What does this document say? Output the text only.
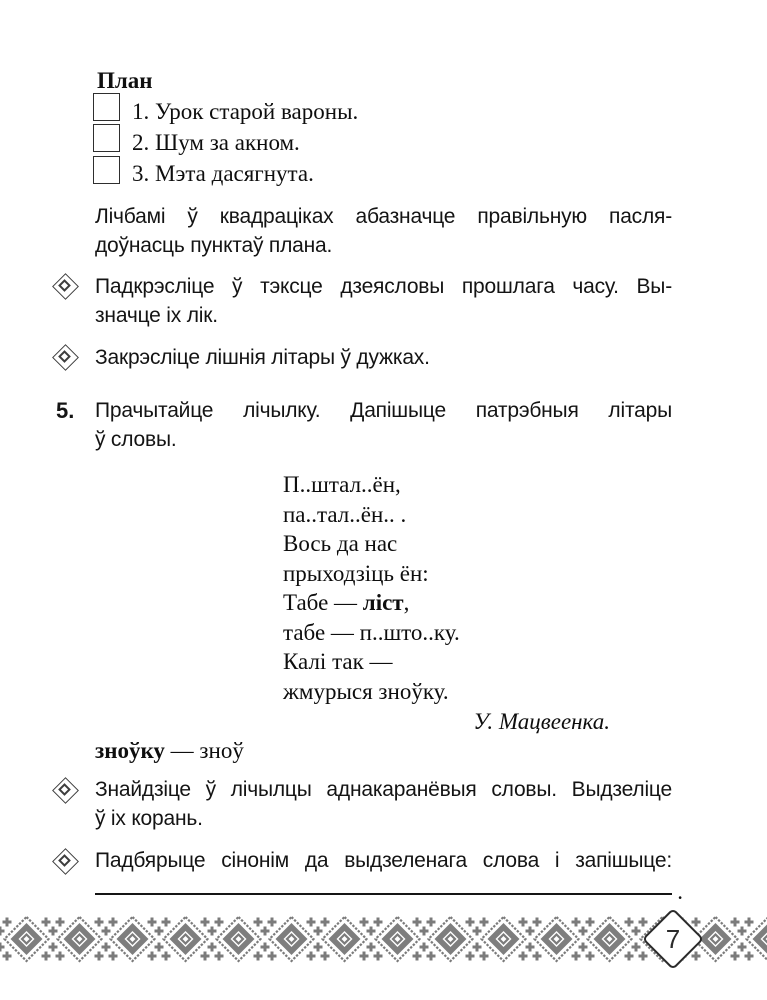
План
1. Урок старой вароны.
2. Шум за акном.
3. Мэта дасягнута.
Лічбамі ў квадраціках абазначце правільную пасля-
доўнасць пунктаў плана.
Падкрэсліце ў тэксце дзеясловы прошлага часу. Вы-
значце іх лік.
Закрэсліце лішнія літары ў дужках.
5. Прачытайце лічылку. Дапішыце патрэбныя літары
ў словы.
П..штал..ён,
па..тал..ён.. .
Вось да нас
прыходзіць ён:
Табе — ліст,
табе — п..што..ку.
Калі так —
жмурыся зноўку.
У. Мацвеенка.
зноўку — зноў
Знайдзіце ў лічылцы аднакаранёвыя словы. Выдзеліце
ў іх корань.
Падбярыце сінонім да выдзеленага слова і запішыце:
.
7
